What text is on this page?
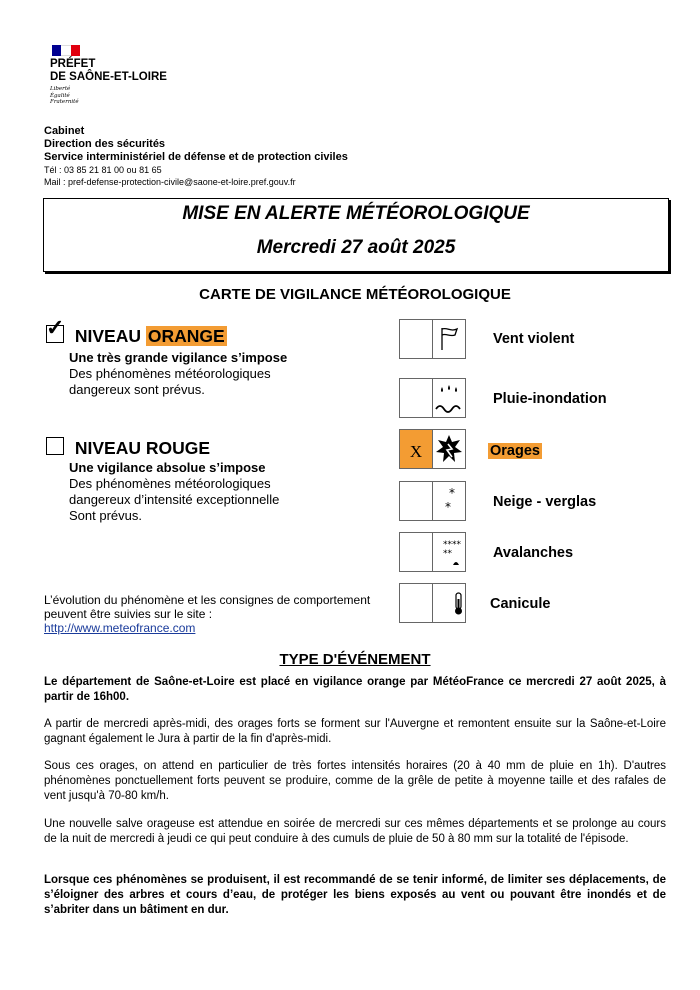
PRÉFET
DE SAÔNE-ET-LOIRE
Liberté
Égalité
Fraternité
Cabinet
Direction des sécurités
Service interministériel de défense et de protection civiles
Tél : 03 85 21 81 00 ou 81 65
Mail : pref-defense-protection-civile@saone-et-loire.pref.gouv.fr
MISE EN ALERTE MÉTÉOROLOGIQUE
Mercredi 27 août 2025
CARTE DE VIGILANCE MÉTÉOROLOGIQUE
✓ NIVEAU ORANGE
Une très grande vigilance s’impose
Des phénomènes météorologiques
dangereux sont prévus.
NIVEAU ROUGE
Une vigilance absolue s’impose
Des phénomènes météorologiques
dangereux d’intensité exceptionnelle
Sont prévus.
Vent violent
Pluie-inondation
X	Orages
*
*	Neige - verglas
****
**	Avalanches
Canicule
L’évolution du phénomène et les consignes de comportement
peuvent être suivies sur le site :
http://www.meteofrance.com
TYPE D'ÉVÉNEMENT
Le département de Saône-et-Loire est placé en vigilance orange par MétéoFrance ce mercredi 27 août 2025, à partir de 16h00.
A partir de mercredi après-midi, des orages forts se forment sur l'Auvergne et remontent ensuite sur la Saône-et-Loire gagnant également le Jura à partir de la fin d'après-midi.
Sous ces orages, on attend en particulier de très fortes intensités horaires (20 à 40 mm de pluie en 1h). D'autres phénomènes ponctuellement forts peuvent se produire, comme de la grêle de petite à moyenne taille et des rafales de vent jusqu'à 70-80 km/h.
Une nouvelle salve orageuse est attendue en soirée de mercredi sur ces mêmes départements et se prolonge au cours de la nuit de mercredi à jeudi ce qui peut conduire à des cumuls de pluie de 50 à 80 mm sur la totalité de l'épisode.
Lorsque ces phénomènes se produisent, il est recommandé de se tenir informé, de limiter ses déplacements, de s’éloigner des arbres et cours d’eau, de protéger les biens exposés au vent ou pouvant être inondés et de s’abriter dans un bâtiment en dur.
